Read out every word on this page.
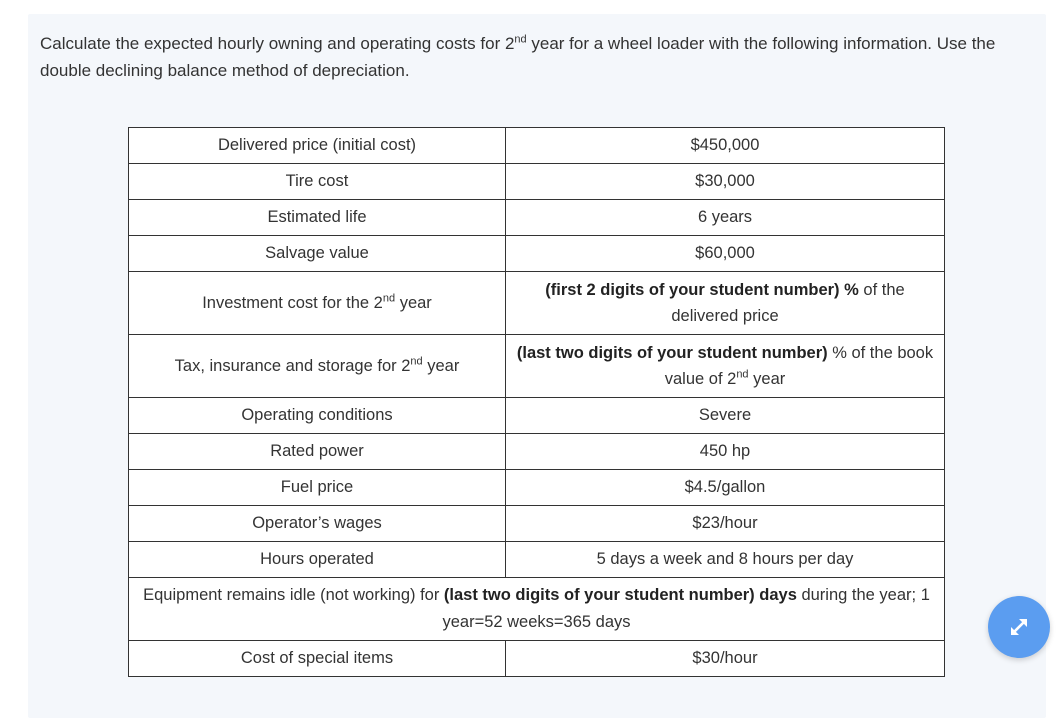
Calculate the expected hourly owning and operating costs for 2nd year for a wheel loader with the following information. Use the double declining balance method of depreciation.

Delivered price (initial cost)	$450,000
Tire cost	$30,000
Estimated life	6 years
Salvage value	$60,000
Investment cost for the 2nd year	(first 2 digits of your student number) % of the delivered price
Tax, insurance and storage for 2nd year	(last two digits of your student number) % of the book value of 2nd year
Operating conditions	Severe
Rated power	450 hp
Fuel price	$4.5/gallon
Operator’s wages	$23/hour
Hours operated	5 days a week and 8 hours per day
Equipment remains idle (not working) for (last two digits of your student number) days during the year; 1 year=52 weeks=365 days	
Cost of special items	$30/hour
